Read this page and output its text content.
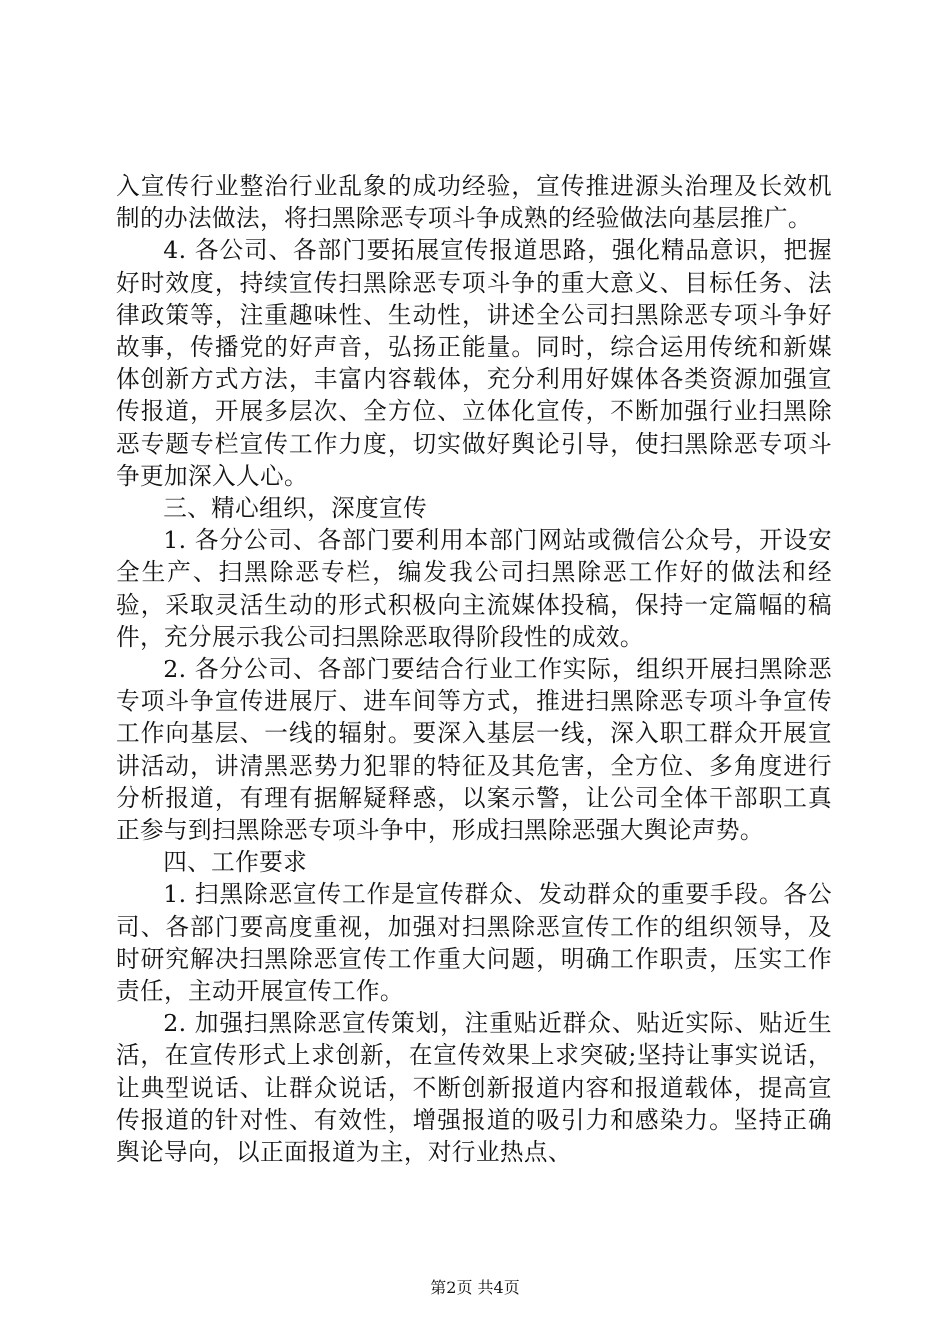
入宣传行业整治行业乱象的成功经验，宣传推进源头治理及长效机制的办法做法，将扫黑除恶专项斗争成熟的经验做法向基层推广。

4. 各公司、各部门要拓展宣传报道思路，强化精品意识，把握好时效度，持续宣传扫黑除恶专项斗争的重大意义、目标任务、法律政策等，注重趣味性、生动性，讲述全公司扫黑除恶专项斗争好故事，传播党的好声音，弘扬正能量。同时，综合运用传统和新媒体创新方式方法，丰富内容载体，充分利用好媒体各类资源加强宣传报道，开展多层次、全方位、立体化宣传，不断加强行业扫黑除恶专题专栏宣传工作力度，切实做好舆论引导，使扫黑除恶专项斗争更加深入人心。

三、精心组织，深度宣传

1. 各分公司、各部门要利用本部门网站或微信公众号，开设安全生产、扫黑除恶专栏，编发我公司扫黑除恶工作好的做法和经验，采取灵活生动的形式积极向主流媒体投稿，保持一定篇幅的稿件，充分展示我公司扫黑除恶取得阶段性的成效。

2. 各分公司、各部门要结合行业工作实际，组织开展扫黑除恶专项斗争宣传进展厅、进车间等方式，推进扫黑除恶专项斗争宣传工作向基层、一线的辐射。要深入基层一线，深入职工群众开展宣讲活动，讲清黑恶势力犯罪的特征及其危害，全方位、多角度进行分析报道，有理有据解疑释惑，以案示警，让公司全体干部职工真正参与到扫黑除恶专项斗争中，形成扫黑除恶强大舆论声势。

四、工作要求

1. 扫黑除恶宣传工作是宣传群众、发动群众的重要手段。各公司、各部门要高度重视，加强对扫黑除恶宣传工作的组织领导，及时研究解决扫黑除恶宣传工作重大问题，明确工作职责，压实工作责任，主动开展宣传工作。

2. 加强扫黑除恶宣传策划，注重贴近群众、贴近实际、贴近生活，在宣传形式上求创新，在宣传效果上求突破;坚持让事实说话，让典型说话、让群众说话，不断创新报道内容和报道载体，提高宣传报道的针对性、有效性，增强报道的吸引力和感染力。坚持正确舆论导向，以正面报道为主，对行业热点、

第2页 共4页
